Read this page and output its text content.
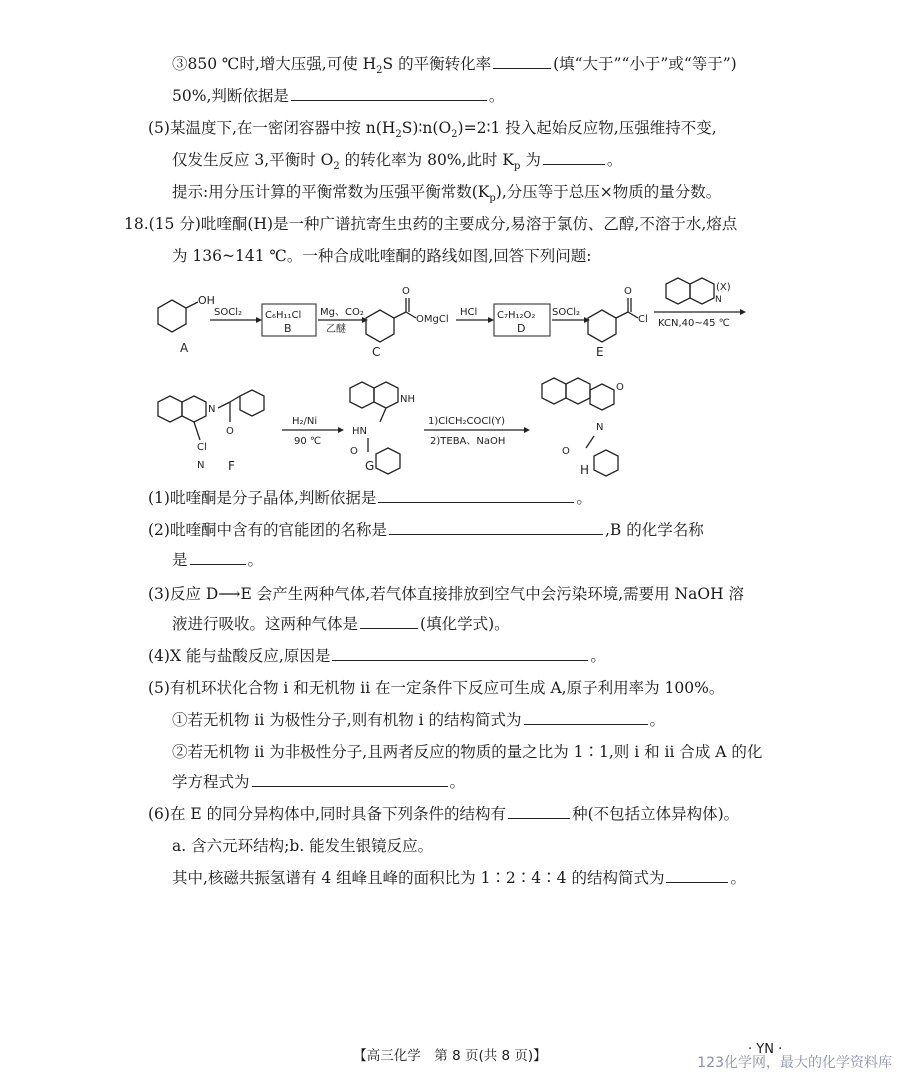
③850 ℃时,增大压强,可使 $H_2S$ 的平衡转化率	(填“大于”“小于”或“等于”)
50%,判断依据是	。
(5)某温度下,在一密闭容器中按 $n(H_2S)∶n(O_2)=2∶1$ 投入起始反应物,压强维持不变,
仅发生反应 3,平衡时 $O_2$ 的转化率为 80%,此时 $K_p$ 为	。
提示:用分压计算的平衡常数为压强平衡常数$(K_p)$,分压等于总压×物质的量分数。
18.(15 分)吡喹酮(H)是一种广谱抗寄生虫药的主要成分,易溶于氯仿、乙醇,不溶于水,熔点
为 136~141 ℃。一种合成吡喹酮的路线如图,回答下列问题:
OH
A
SOCl₂ C₆H₁₁Cl
B
Mg、CO₂
乙醚
O
OMgCl
C
HCl C₇H₁₂O₂
D
SOCl₂
O
Cl
E
(X)
N
KCN,40~45 ℃
N
O
Cl
N F
H₂/Ni
90 ℃
NH
HN
O
G
1)ClCH₂COCl(Y)
2)TEBA、NaOH
O
N
O
H
(1)吡喹酮是分子晶体,判断依据是	。
(2)吡喹酮中含有的官能团的名称是	,B 的化学名称
是	。
(3)反应 D⟶E 会产生两种气体,若气体直接排放到空气中会污染环境,需要用 NaOH 溶
液进行吸收。这两种气体是	(填化学式)。
(4)X 能与盐酸反应,原因是	。
(5)有机环状化合物 ⅰ 和无机物 ⅱ 在一定条件下反应可生成 A,原子利用率为 100%。
①若无机物 ⅱ 为极性分子,则有机物 ⅰ 的结构简式为	。
②若无机物 ⅱ 为非极性分子,且两者反应的物质的量之比为 1∶1,则 ⅰ 和 ⅱ 合成 A 的化
学方程式为	。
(6)在 E 的同分异构体中,同时具备下列条件的结构有	种(不包括立体异构体)。
a. 含六元环结构;b. 能发生银镜反应。
其中,核磁共振氢谱有 4 组峰且峰的面积比为 1∶2∶4∶4 的结构简式为	。
【高三化学　第 8 页(共 8 页)】	· YN ·
123化学网，最大的化学资料库
